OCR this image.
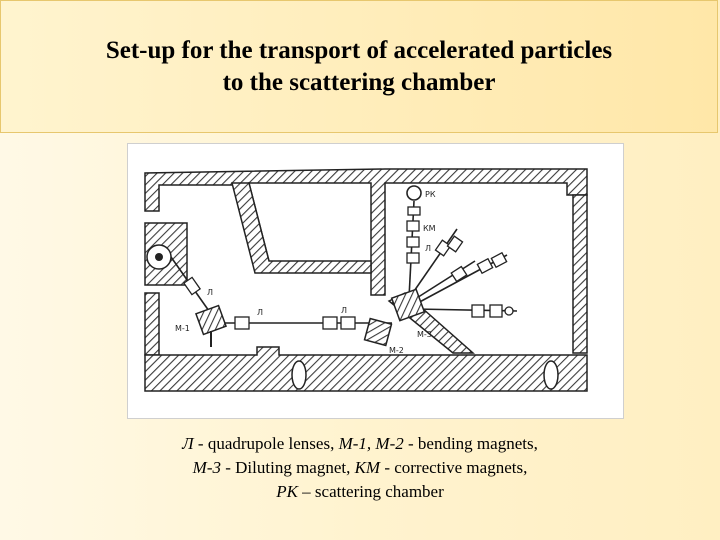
Set-up for the transport of accelerated particles
to the scattering chamber
РК
КМ
Л
Л
Л	Л
М-1
М-2
М-3
Л - quadrupole lenses, М-1, М-2 - bending magnets,
М-3 - Diluting magnet, КМ - corrective magnets,
РК – scattering chamber
